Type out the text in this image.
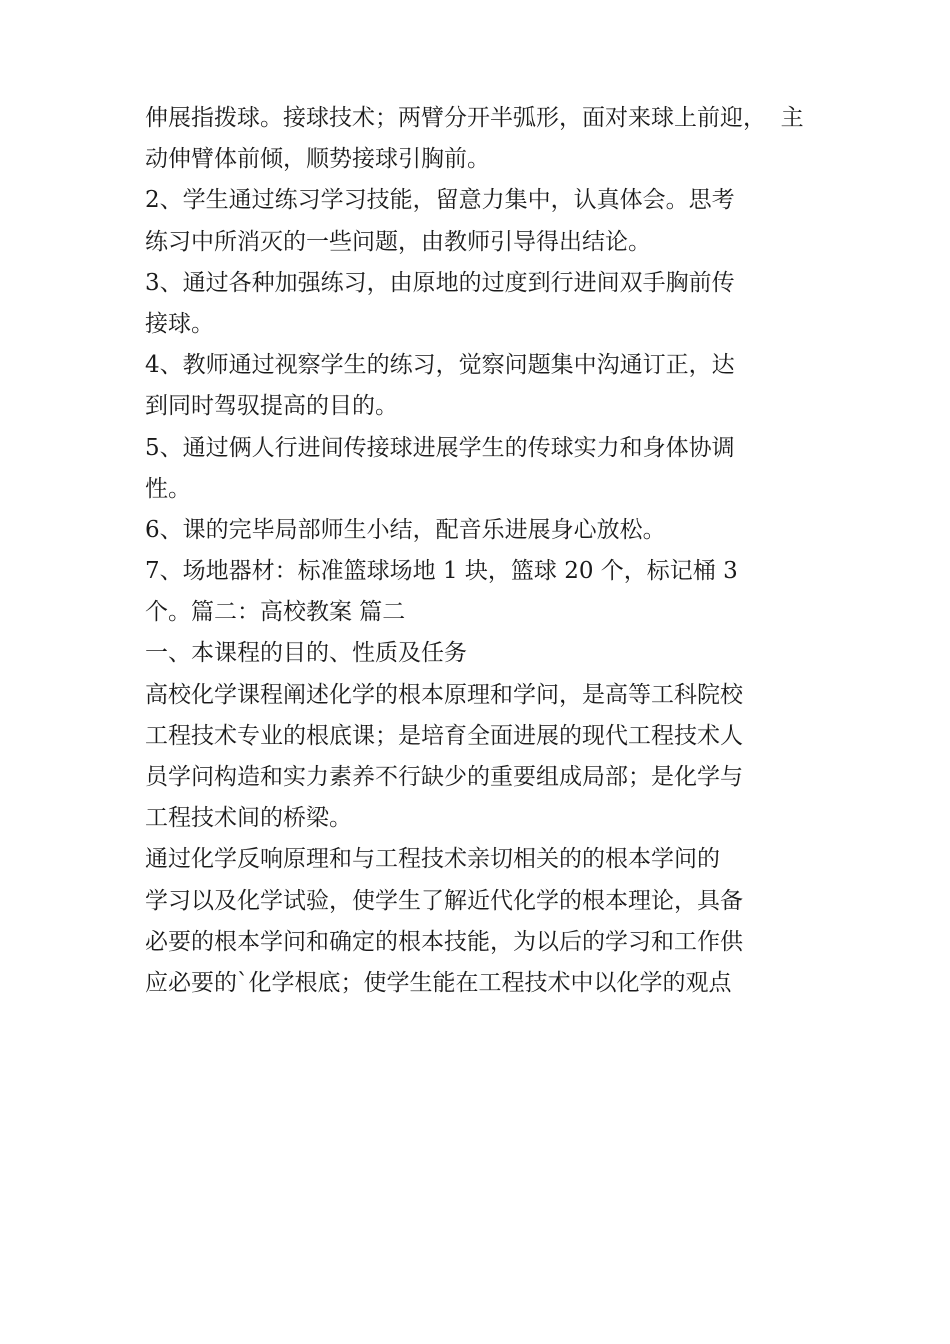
伸展指拨球。接球技术；两臂分开半弧形，面对来球上前迎，  主
动伸臂体前倾，顺势接球引胸前。
2、学生通过练习学习技能，留意力集中，认真体会。思考
练习中所消灭的一些问题，由教师引导得出结论。
3、通过各种加强练习，由原地的过度到行进间双手胸前传
接球。
4、教师通过视察学生的练习，觉察问题集中沟通订正，达
到同时驾驭提高的目的。
5、通过俩人行进间传接球进展学生的传球实力和身体协调
性。
6、课的完毕局部师生小结，配音乐进展身心放松。
7、场地器材：标准篮球场地 1 块，篮球 20 个，标记桶 3
个。篇二：高校教案 篇二
一、本课程的目的、性质及任务
高校化学课程阐述化学的根本原理和学问，是高等工科院校
工程技术专业的根底课；是培育全面进展的现代工程技术人
员学问构造和实力素养不行缺少的重要组成局部；是化学与
工程技术间的桥梁。
通过化学反响原理和与工程技术亲切相关的的根本学问的
学习以及化学试验，使学生了解近代化学的根本理论，具备
必要的根本学问和确定的根本技能，为以后的学习和工作供
应必要的`化学根底；使学生能在工程技术中以化学的观点
